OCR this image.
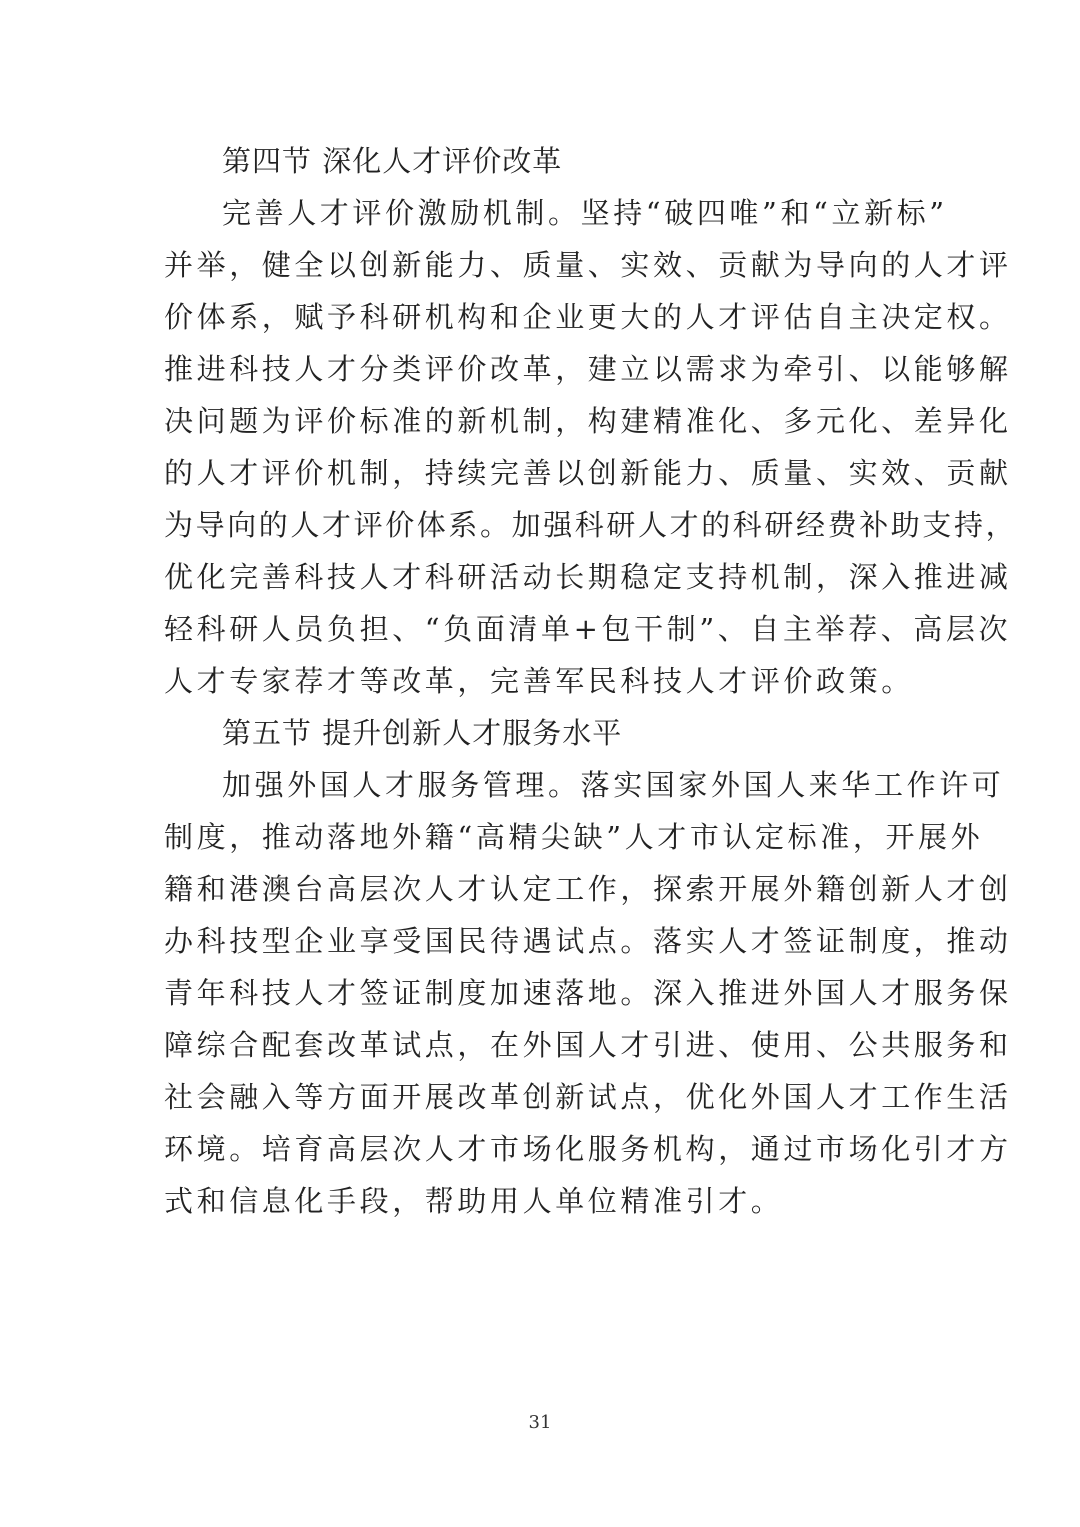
第四节 深化人才评价改革
完善人才评价激励机制。坚持“破四唯”和“立新标”
并举，健全以创新能力、质量、实效、贡献为导向的人才评
价体系，赋予科研机构和企业更大的人才评估自主决定权。
推进科技人才分类评价改革，建立以需求为牵引、以能够解
决问题为评价标准的新机制，构建精准化、多元化、差异化
的人才评价机制，持续完善以创新能力、质量、实效、贡献
为导向的人才评价体系。加强科研人才的科研经费补助支持，
优化完善科技人才科研活动长期稳定支持机制，深入推进减
轻科研人员负担、“负面清单+包干制”、自主举荐、高层次
人才专家荐才等改革，完善军民科技人才评价政策。
第五节 提升创新人才服务水平
加强外国人才服务管理。落实国家外国人来华工作许可
制度，推动落地外籍“高精尖缺”人才市认定标准，开展外
籍和港澳台高层次人才认定工作，探索开展外籍创新人才创
办科技型企业享受国民待遇试点。落实人才签证制度，推动
青年科技人才签证制度加速落地。深入推进外国人才服务保
障综合配套改革试点，在外国人才引进、使用、公共服务和
社会融入等方面开展改革创新试点，优化外国人才工作生活
环境。培育高层次人才市场化服务机构，通过市场化引才方
式和信息化手段，帮助用人单位精准引才。
31
